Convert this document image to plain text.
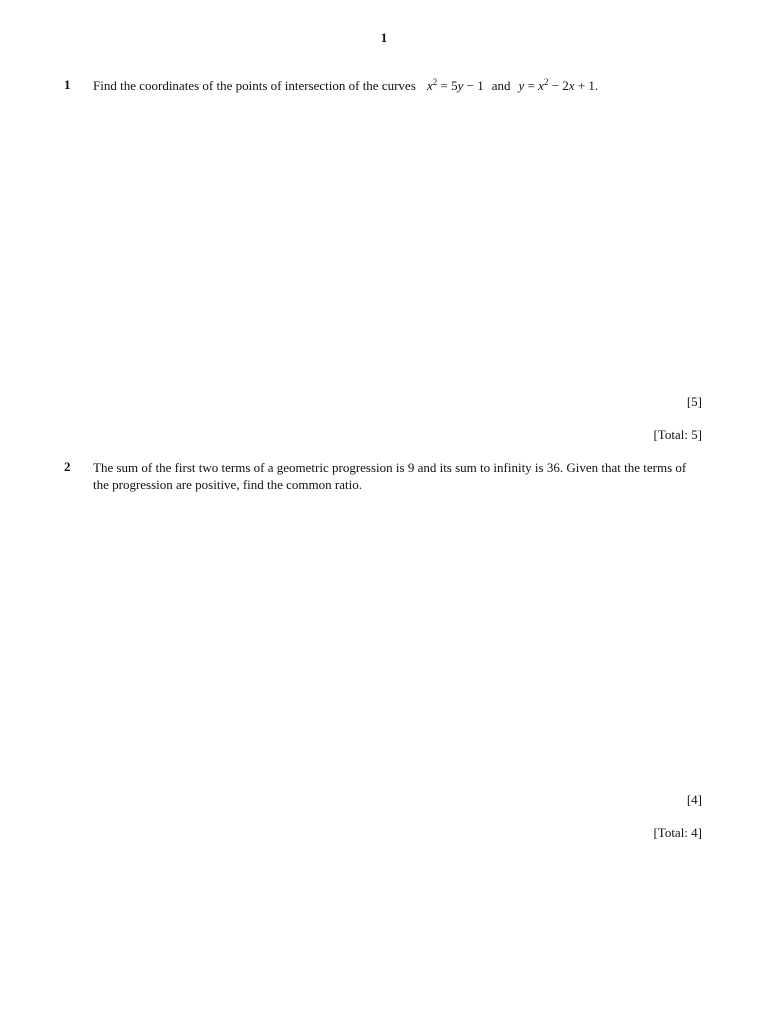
1
1 Find the coordinates of the points of intersection of the curves $x^2 = 5y - 1$ and $y = x^2 - 2x + 1$.
[5]
[Total: 5]
2 The sum of the first two terms of a geometric progression is 9 and its sum to infinity is 36. Given that the terms of the progression are positive, find the common ratio.
[4]
[Total: 4]
